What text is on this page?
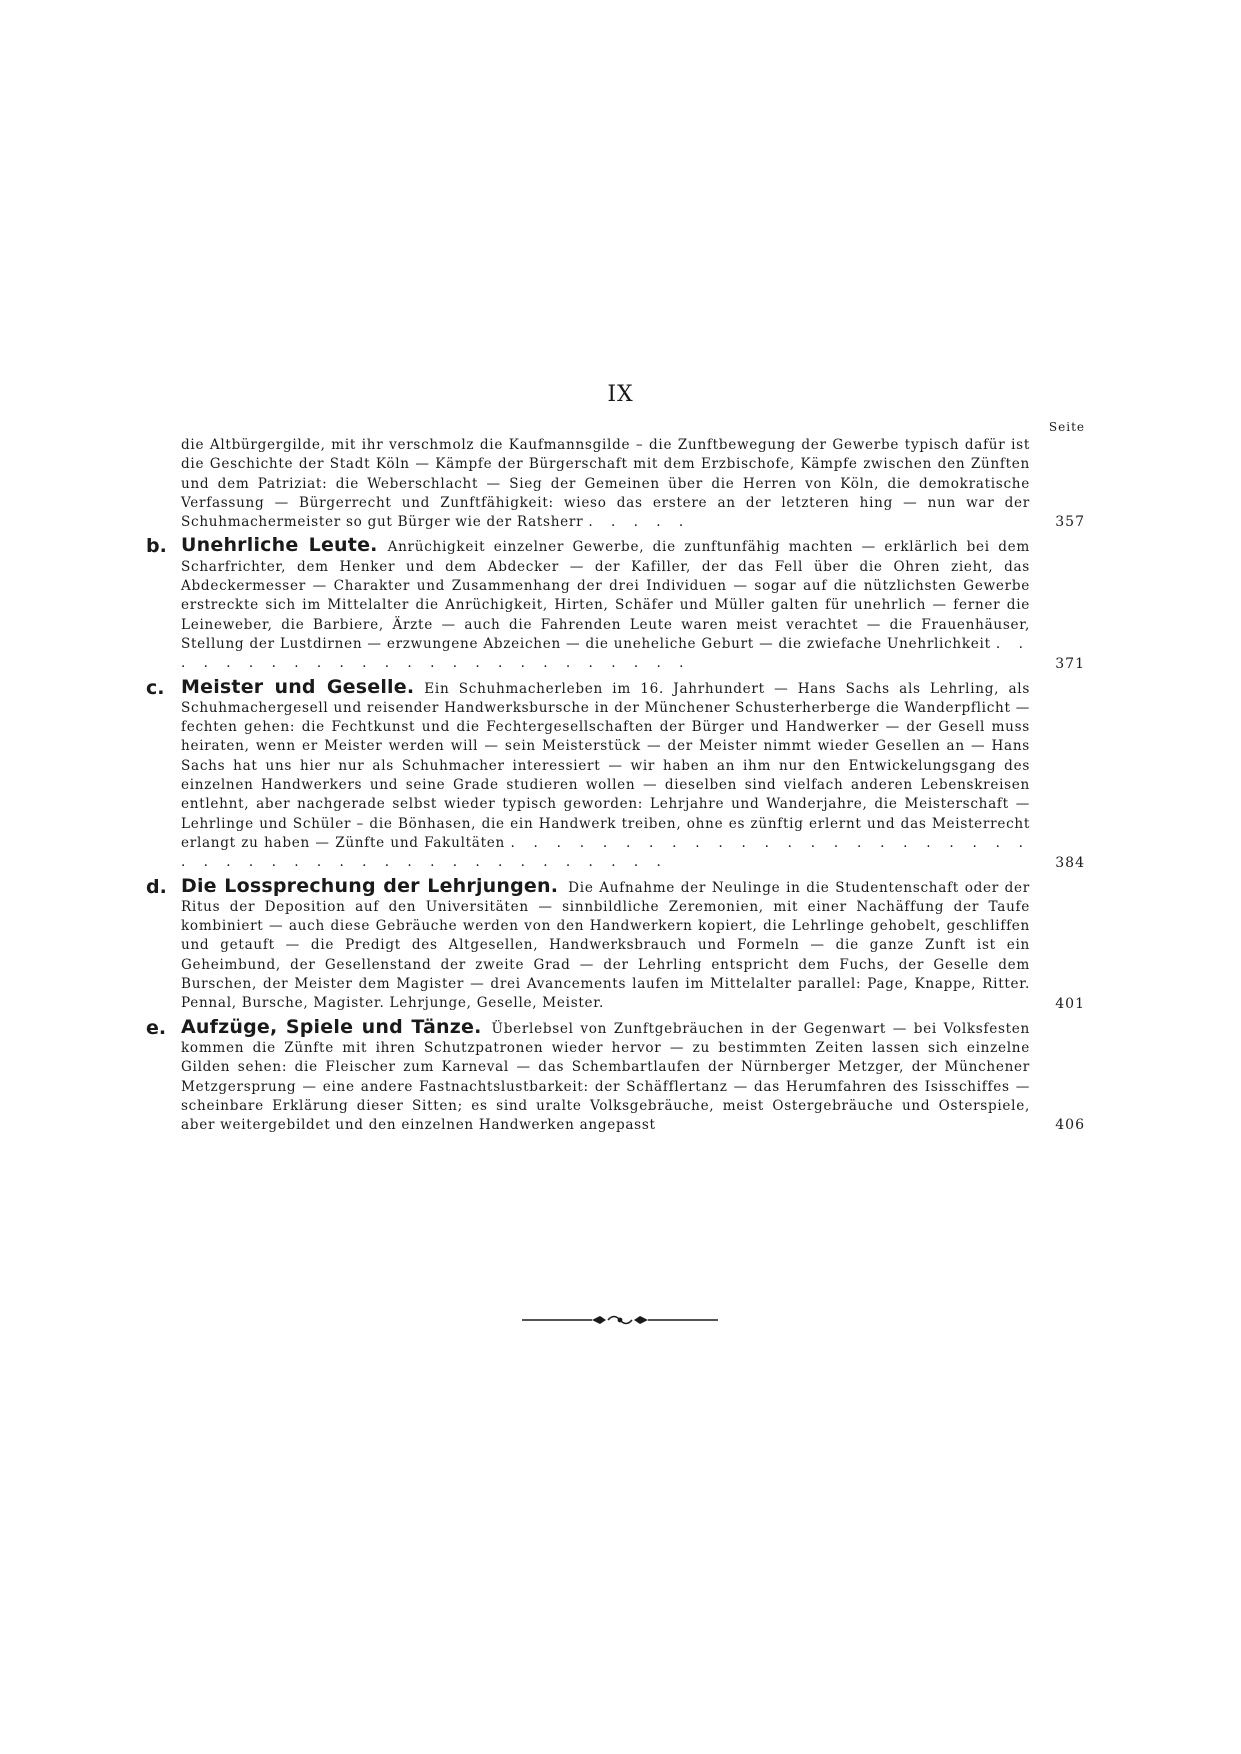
IX
Seite
die Altbürgergilde, mit ihr verschmolz die Kaufmannsgilde – die Zunftbewegung der Gewerbe typisch dafür ist die Geschichte der Stadt Köln — Kämpfe der Bürgerschaft mit dem Erzbischofe, Kämpfe zwischen den Zünften und dem Patriziat: die Weberschlacht — Sieg der Gemeinen über die Herren von Köln, die demokratische Verfassung — Bürgerrecht und Zunftfähigkeit: wieso das erstere an der letzteren hing — nun war der Schuhmachermeister so gut Bürger wie der Ratsherr . . . . .	357
b. Unehrliche Leute. Anrüchigkeit einzelner Gewerbe, die zunftunfähig machten — erklärlich bei dem Scharfrichter, dem Henker und dem Abdecker — der Kafiller, der das Fell über die Ohren zieht, das Abdeckermesser — Charakter und Zusammenhang der drei Individuen — sogar auf die nützlichsten Gewerbe erstreckte sich im Mittelalter die Anrüchigkeit, Hirten, Schäfer und Müller galten für unehrlich — ferner die Leineweber, die Barbiere, Ärzte — auch die Fahrenden Leute waren meist verachtet — die Frauenhäuser, Stellung der Lustdirnen — erzwungene Abzeichen — die uneheliche Geburt — die zwiefache Unehrlichkeit . . . . . . . . . . . . . . . . . . . . . . . . .	371
c. Meister und Geselle. Ein Schuhmacherleben im 16. Jahrhundert — Hans Sachs als Lehrling, als Schuhmachergesell und reisender Handwerksbursche in der Münchener Schusterherberge die Wanderpflicht — fechten gehen: die Fechtkunst und die Fechtergesellschaften der Bürger und Handwerker — der Gesell muss heiraten, wenn er Meister werden will — sein Meisterstück — der Meister nimmt wieder Gesellen an — Hans Sachs hat uns hier nur als Schuhmacher interessiert — wir haben an ihm nur den Entwickelungsgang des einzelnen Handwerkers und seine Grade studieren wollen — dieselben sind vielfach anderen Lebenskreisen entlehnt, aber nachgerade selbst wieder typisch geworden: Lehrjahre und Wanderjahre, die Meisterschaft — Lehrlinge und Schüler – die Bönhasen, die ein Handwerk treiben, ohne es zünftig erlernt und das Meisterrecht erlangt zu haben — Zünfte und Fakultäten . . . . . . . . . . . . . . . . . . . . . . . . . . . . . . . . . . . . . . . . . . . . .	384
d. Die Lossprechung der Lehrjungen. Die Aufnahme der Neulinge in die Studentenschaft oder der Ritus der Deposition auf den Universitäten — sinnbildliche Zeremonien, mit einer Nachäffung der Taufe kombiniert — auch diese Gebräuche werden von den Handwerkern kopiert, die Lehrlinge gehobelt, geschliffen und getauft — die Predigt des Altgesellen, Handwerksbrauch und Formeln — die ganze Zunft ist ein Geheimbund, der Gesellenstand der zweite Grad — der Lehrling entspricht dem Fuchs, der Geselle dem Burschen, der Meister dem Magister — drei Avancements laufen im Mittelalter parallel: Page, Knappe, Ritter. Pennal, Bursche, Magister. Lehrjunge, Geselle, Meister.	401
e. Aufzüge, Spiele und Tänze. Überlebsel von Zunftgebräuchen in der Gegenwart — bei Volksfesten kommen die Zünfte mit ihren Schutzpatronen wieder hervor — zu bestimmten Zeiten lassen sich einzelne Gilden sehen: die Fleischer zum Karneval — das Schembartlaufen der Nürnberger Metzger, der Münchener Metzgersprung — eine andere Fastnachtslustbarkeit: der Schäfflertanz — das Herumfahren des Isisschiffes — scheinbare Erklärung dieser Sitten; es sind uralte Volksgebräuche, meist Ostergebräuche und Osterspiele, aber weitergebildet und den einzelnen Handwerken angepasst	406
